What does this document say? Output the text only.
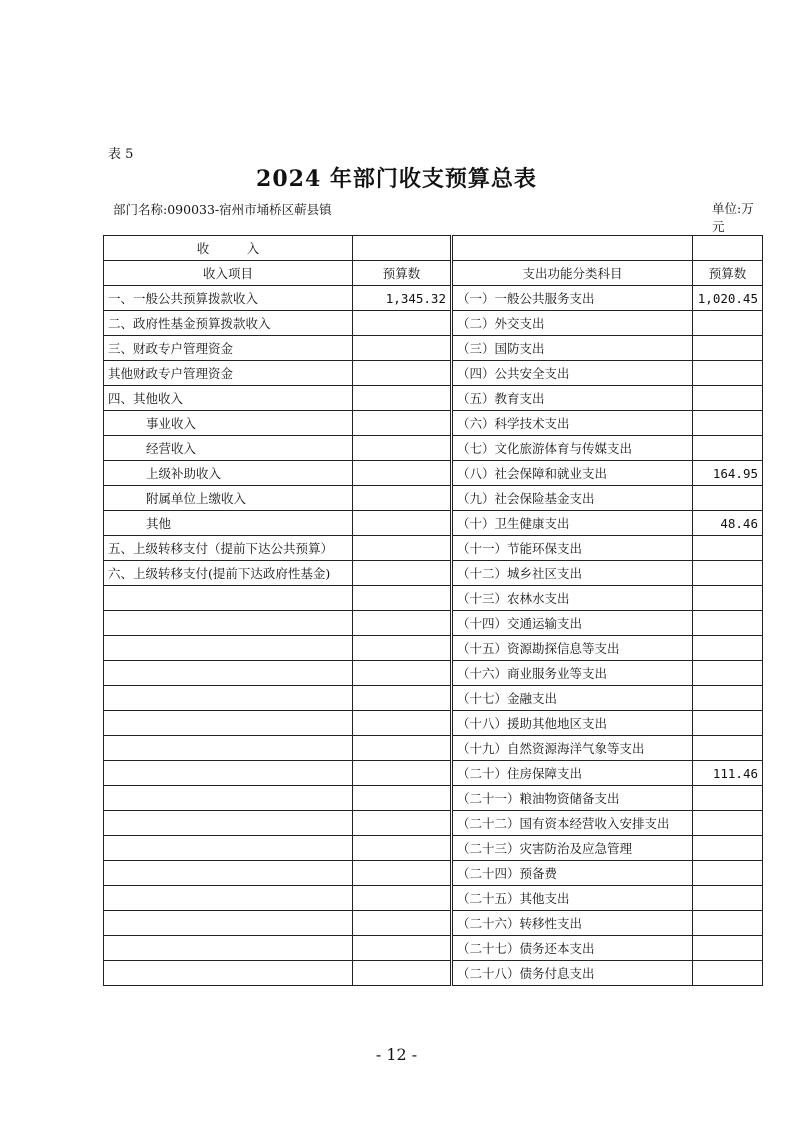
表 5
2024 年部门收支预算总表
部门名称:090033-宿州市埇桥区蕲县镇	单位:万元
收　　　入			
收入项目	预算数	支出功能分类科目	预算数
一、一般公共预算拨款收入	1,345.32	（一）一般公共服务支出	1,020.45
二、政府性基金预算拨款收入		（二）外交支出	
三、财政专户管理资金		（三）国防支出	
其他财政专户管理资金		（四）公共安全支出	
四、其他收入		（五）教育支出	
事业收入		（六）科学技术支出	
经营收入		（七）文化旅游体育与传媒支出	
上级补助收入		（八）社会保障和就业支出	164.95
附属单位上缴收入		（九）社会保险基金支出	
其他		（十）卫生健康支出	48.46
五、上级转移支付（提前下达公共预算）		（十一）节能环保支出	
六、上级转移支付(提前下达政府性基金)		（十二）城乡社区支出	
		（十三）农林水支出	
		（十四）交通运输支出	
		（十五）资源勘探信息等支出	
		（十六）商业服务业等支出	
		（十七）金融支出	
		（十八）援助其他地区支出	
		（十九）自然资源海洋气象等支出	
		（二十）住房保障支出	111.46
		（二十一）粮油物资储备支出	
		（二十二）国有资本经营收入安排支出	
		（二十三）灾害防治及应急管理	
		（二十四）预备费	
		（二十五）其他支出	
		（二十六）转移性支出	
		（二十七）债务还本支出	
		（二十八）债务付息支出	
- 12 -
